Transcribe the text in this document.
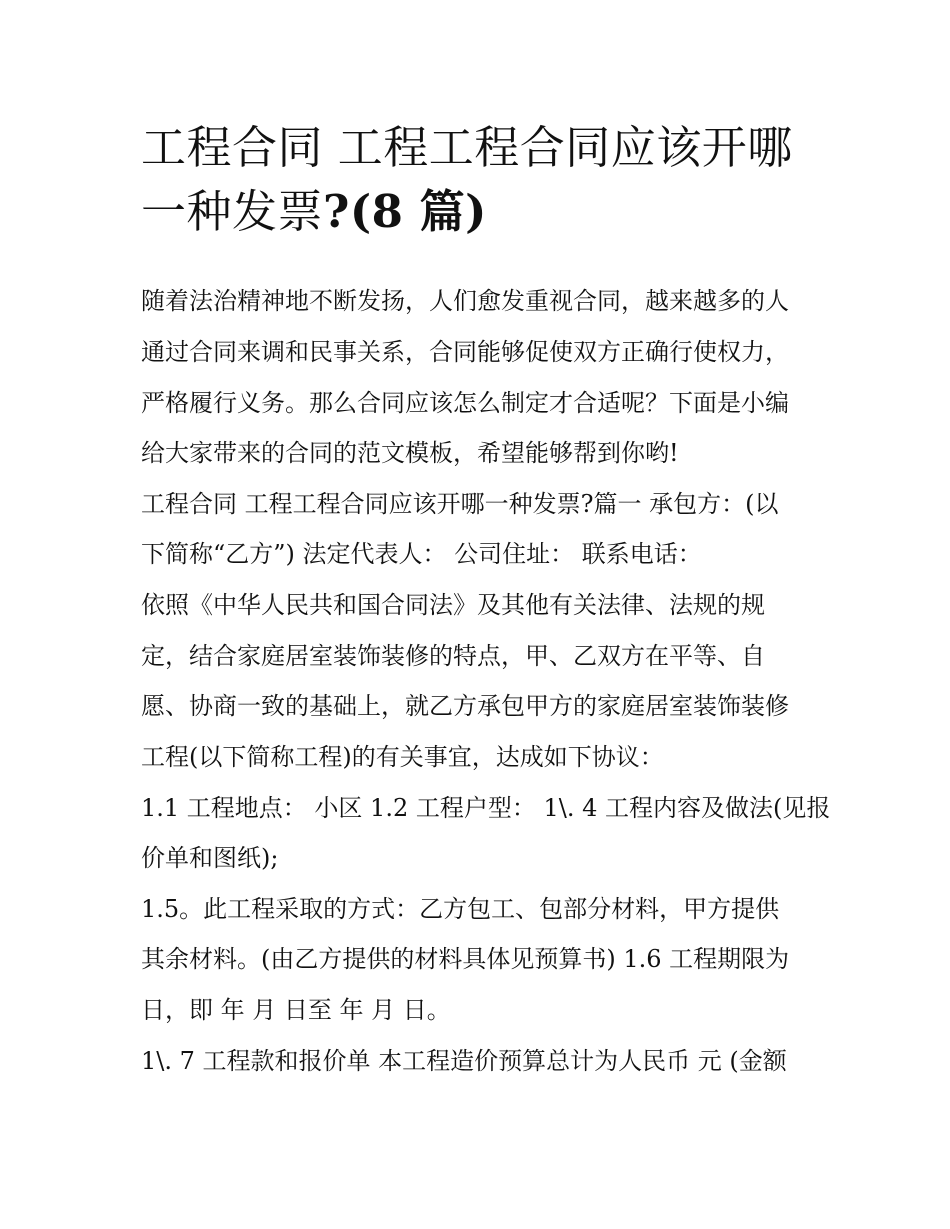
工程合同 工程工程合同应该开哪一种发票?(8 篇)

随着法治精神地不断发扬，人们愈发重视合同，越来越多的人

通过合同来调和民事关系，合同能够促使双方正确行使权力，

严格履行义务。那么合同应该怎么制定才合适呢？下面是小编

给大家带来的合同的范文模板，希望能够帮到你哟!

工程合同 工程工程合同应该开哪一种发票?篇一 承包方：(以

下简称“乙方”) 法定代表人： 公司住址： 联系电话：

依照《中华人民共和国合同法》及其他有关法律、法规的规

定，结合家庭居室装饰装修的特点，甲、乙双方在平等、自

愿、协商一致的基础上，就乙方承包甲方的家庭居室装饰装修

工程(以下简称工程)的有关事宜，达成如下协议：

1.1 工程地点： 小区 1.2 工程户型： 1\. 4 工程内容及做法(见报

价单和图纸);

1.5。此工程采取的方式：乙方包工、包部分材料，甲方提供

其余材料。(由乙方提供的材料具体见预算书) 1.6 工程期限为

日，即 年 月 日至 年 月 日。

1\. 7 工程款和报价单 本工程造价预算总计为人民币 元 (金额
